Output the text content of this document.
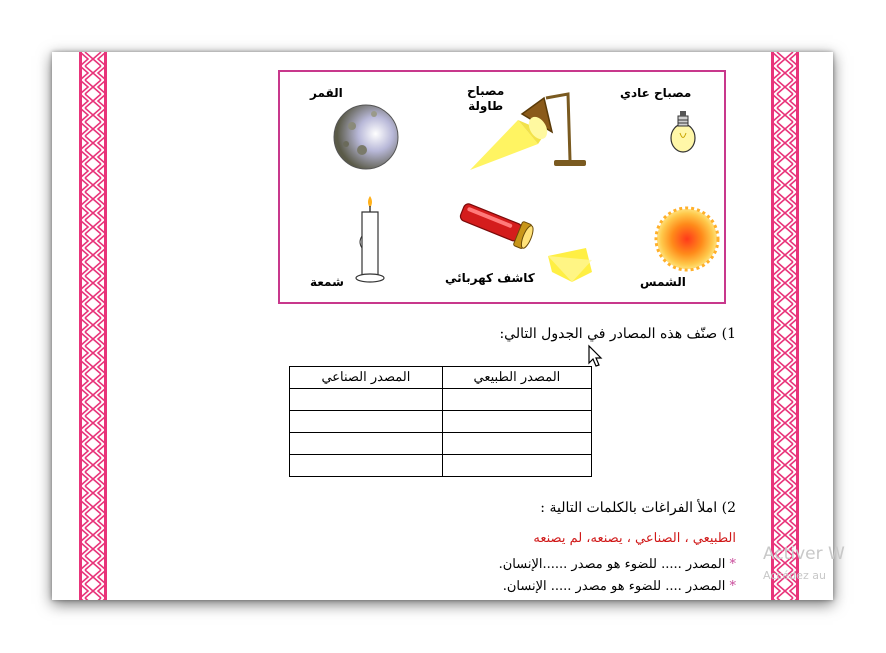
مصباح عادي
مصباح
طاولة
القمر
الشمس
كاشف كهربائي
شمعة
1) صنّف هذه المصادر في الجدول التالي:
المصدر الطبيعي	المصدر الصناعي

2) املأ الفراغات بالكلمات التالية :
الطبيعي ، الصناعي ، يصنعه، لم يصنعه
* المصدر ..... للضوء هو مصدر ......الإنسان.
* المصدر .... للضوء هو مصدر ..... الإنسان.
Activer W
Accédez au
